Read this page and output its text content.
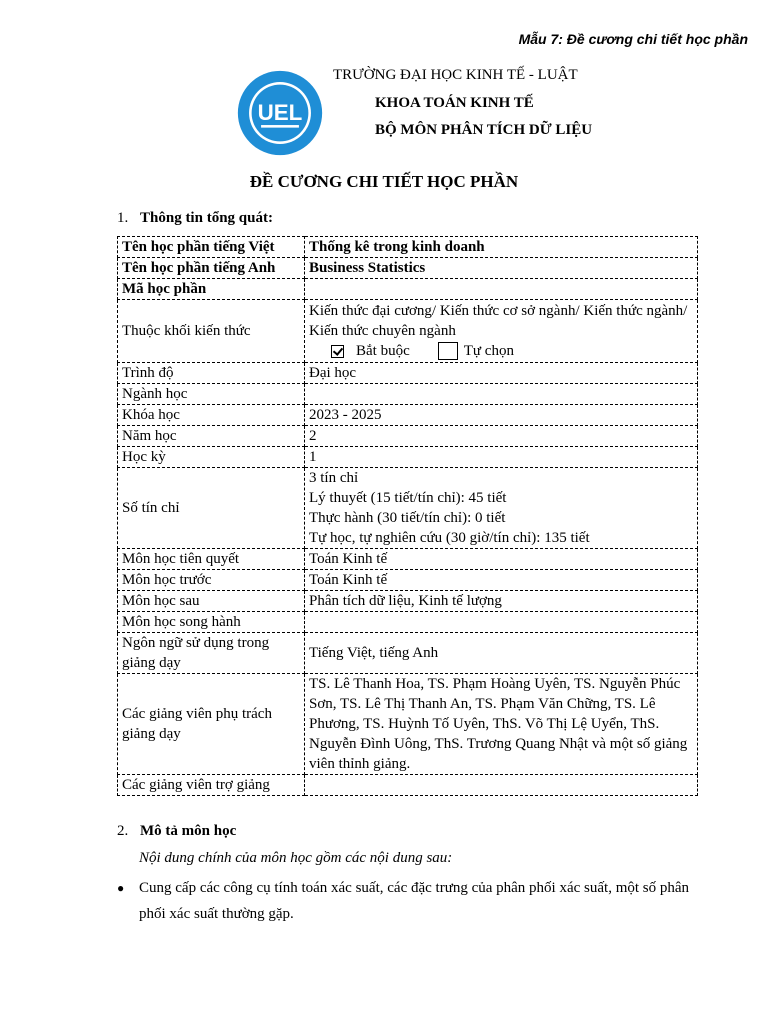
Mẫu 7: Đề cương chi tiết học phần
UEL
TRƯỜNG ĐẠI HỌC KINH TẾ - LUẬT
KHOA TOÁN KINH TẾ
BỘ MÔN PHÂN TÍCH DỮ LIỆU
ĐỀ CƯƠNG CHI TIẾT HỌC PHẦN
1. Thông tin tổng quát:
Tên học phần tiếng Việt	Thống kê trong kinh doanh
Tên học phần tiếng Anh	Business Statistics
Mã học phần	
Thuộc khối kiến thức	Kiến thức đại cương/ Kiến thức cơ sở ngành/ Kiến thức ngành/ Kiến thức chuyên ngành
Bắt buộc Tự chọn

Trình độ	Đại học
Ngành học	
Khóa học	2023 - 2025
Năm học	2
Học kỳ	1
Số tín chỉ	3 tín chỉ
Lý thuyết (15 tiết/tín chỉ): 45 tiết
Thực hành (30 tiết/tín chỉ): 0 tiết
Tự học, tự nghiên cứu (30 giờ/tín chỉ): 135 tiết

Môn học tiên quyết	Toán Kinh tế
Môn học trước	Toán Kinh tế
Môn học sau	Phân tích dữ liệu, Kinh tế lượng
Môn học song hành	
Ngôn ngữ sử dụng trong giảng dạy	Tiếng Việt, tiếng Anh
Các giảng viên phụ trách giảng dạy	TS. Lê Thanh Hoa, TS. Phạm Hoàng Uyên, TS. Nguyễn Phúc Sơn, TS. Lê Thị Thanh An, TS. Phạm Văn Chững, TS. Lê Phương, TS. Huỳnh Tố Uyên, ThS. Võ Thị Lệ Uyển, ThS. Nguyễn Đình Uông, ThS. Trương Quang Nhật và một số giảng viên thỉnh giảng.
Các giảng viên trợ giảng	
2. Mô tả môn học
Nội dung chính của môn học gồm các nội dung sau:
● Cung cấp các công cụ tính toán xác suất, các đặc trưng của phân phối xác suất, một số phân phối xác suất thường gặp.
